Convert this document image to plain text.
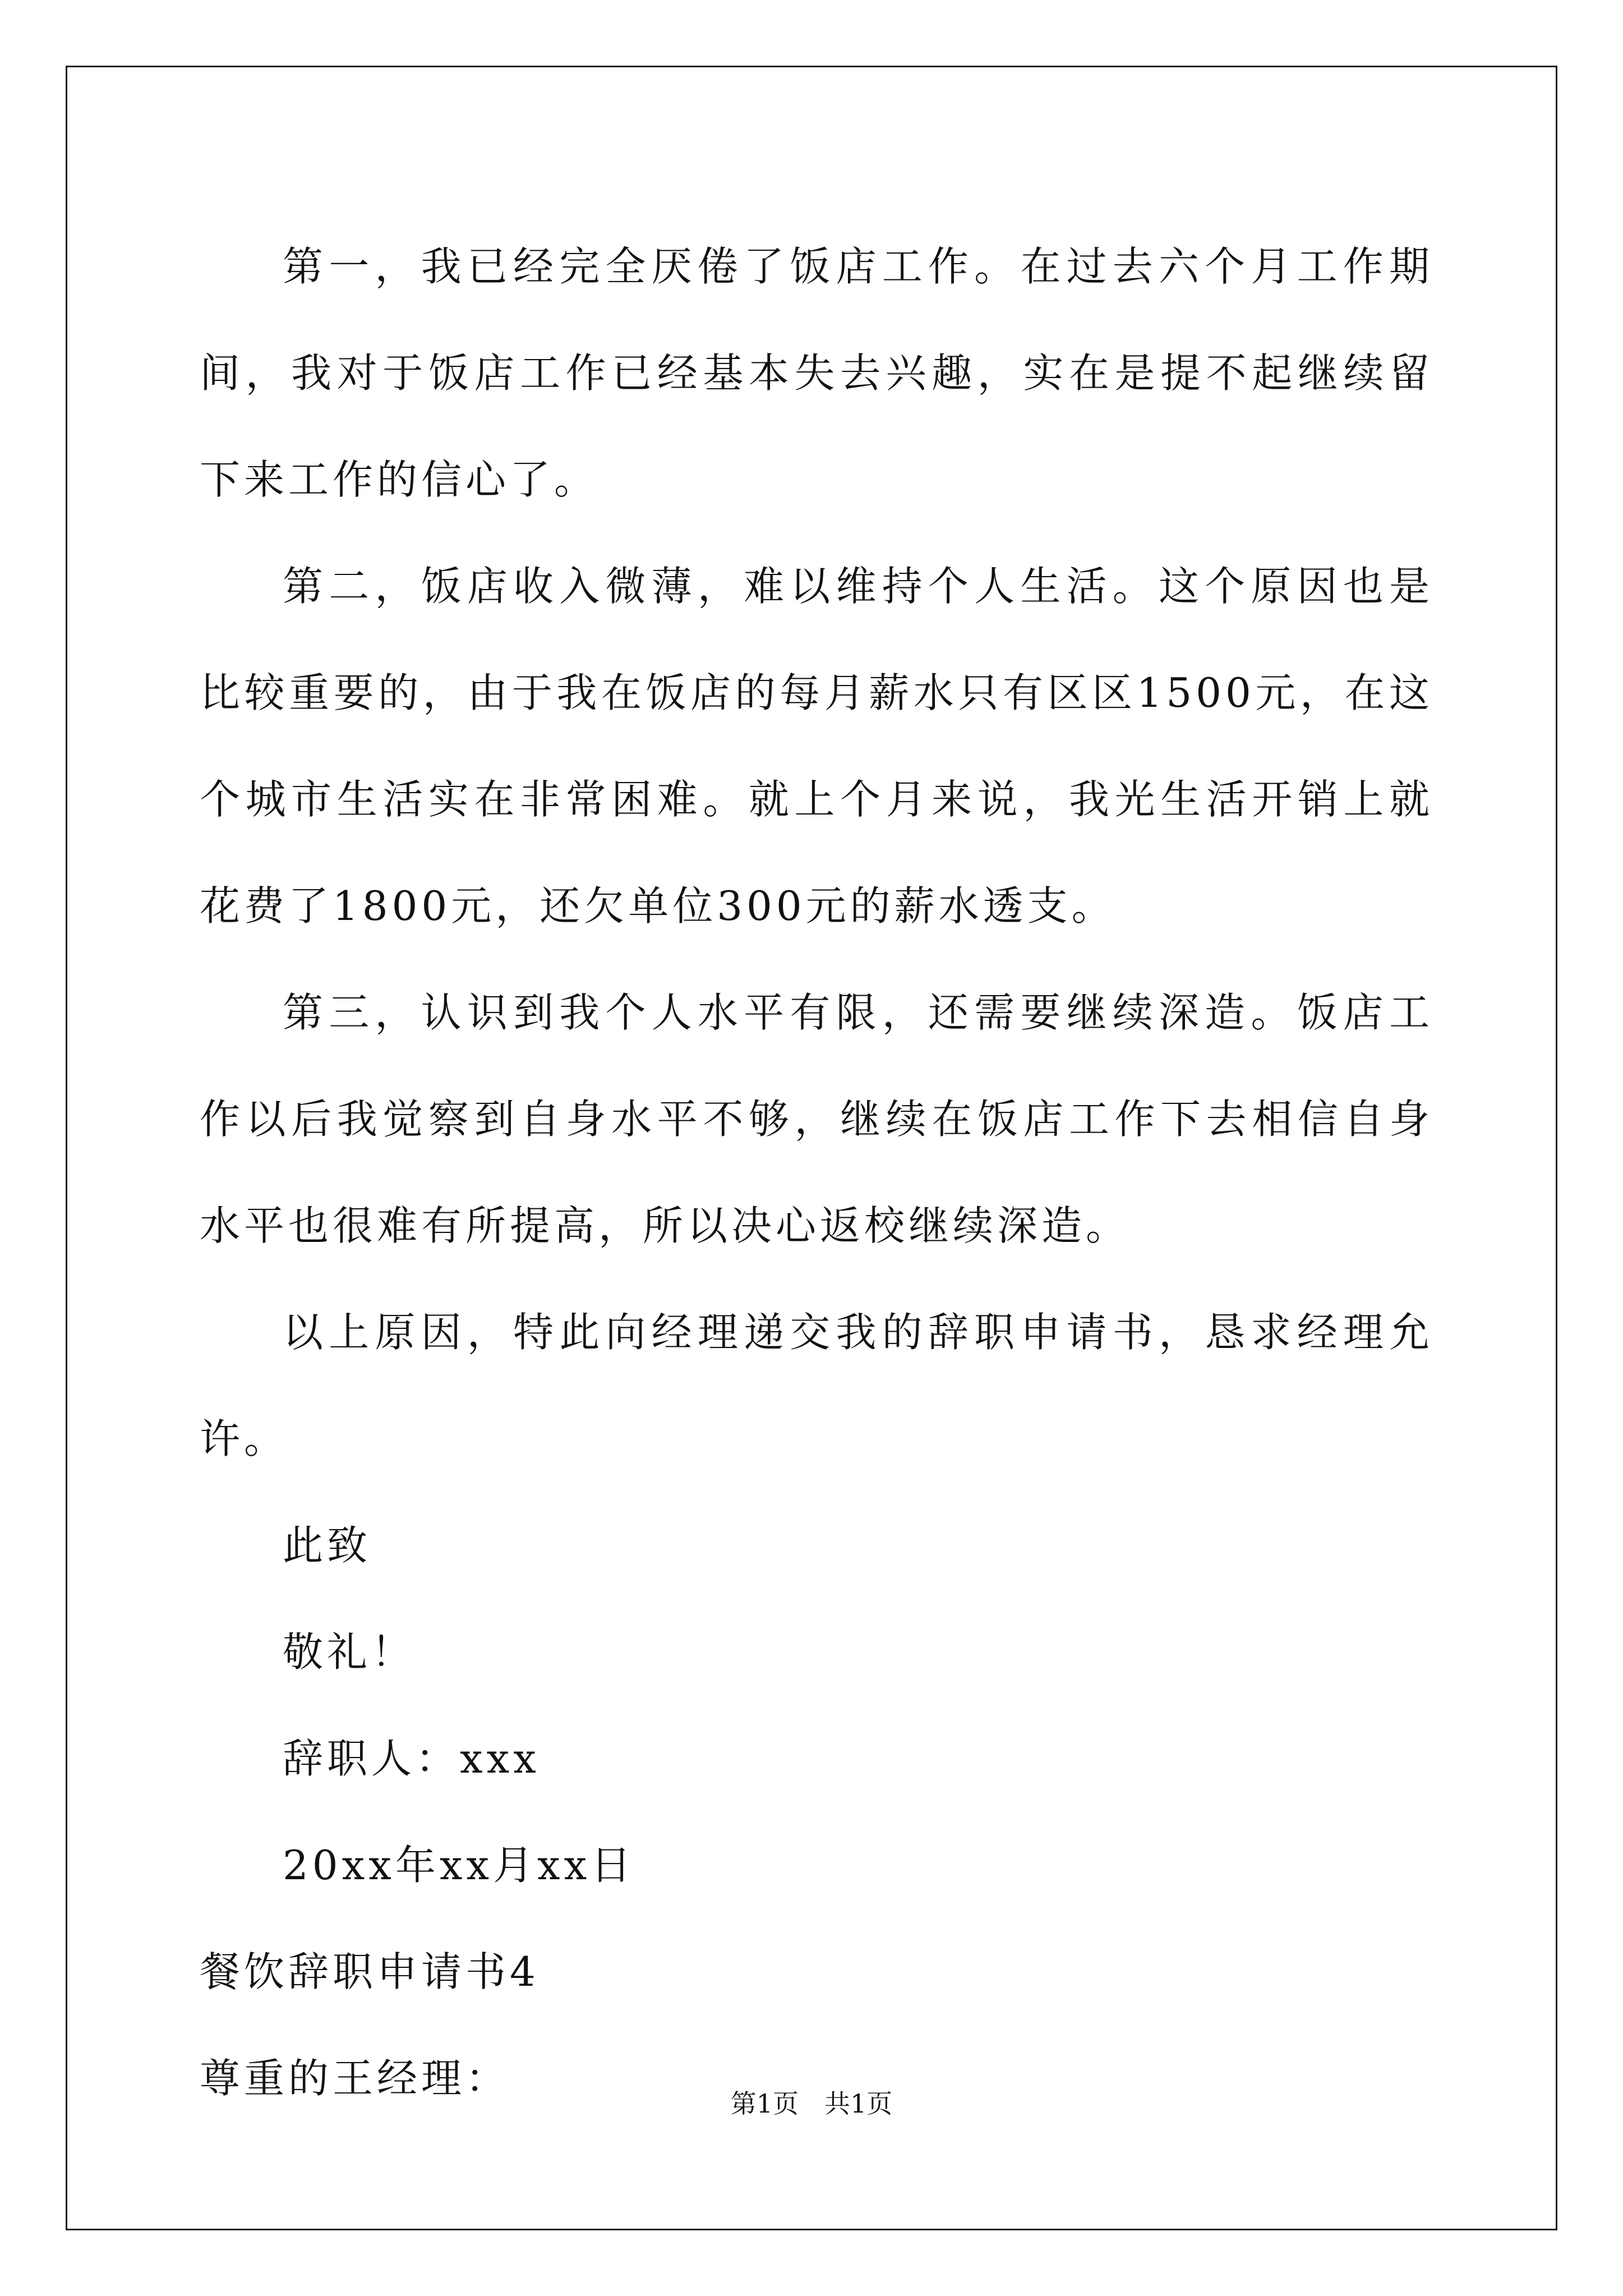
第一，我已经完全厌倦了饭店工作。在过去六个月工作期间，我对于饭店工作已经基本失去兴趣，实在是提不起继续留下来工作的信心了。

第二，饭店收入微薄，难以维持个人生活。这个原因也是比较重要的，由于我在饭店的每月薪水只有区区1500元，在这个城市生活实在非常困难。就上个月来说，我光生活开销上就花费了1800元，还欠单位300元的薪水透支。

第三，认识到我个人水平有限，还需要继续深造。饭店工作以后我觉察到自身水平不够，继续在饭店工作下去相信自身水平也很难有所提高，所以决心返校继续深造。

以上原因，特此向经理递交我的辞职申请书，恳求经理允许。

此致

敬礼！

辞职人：xxx

20xx年xx月xx日

餐饮辞职申请书4

尊重的王经理：

第1页 共1页
